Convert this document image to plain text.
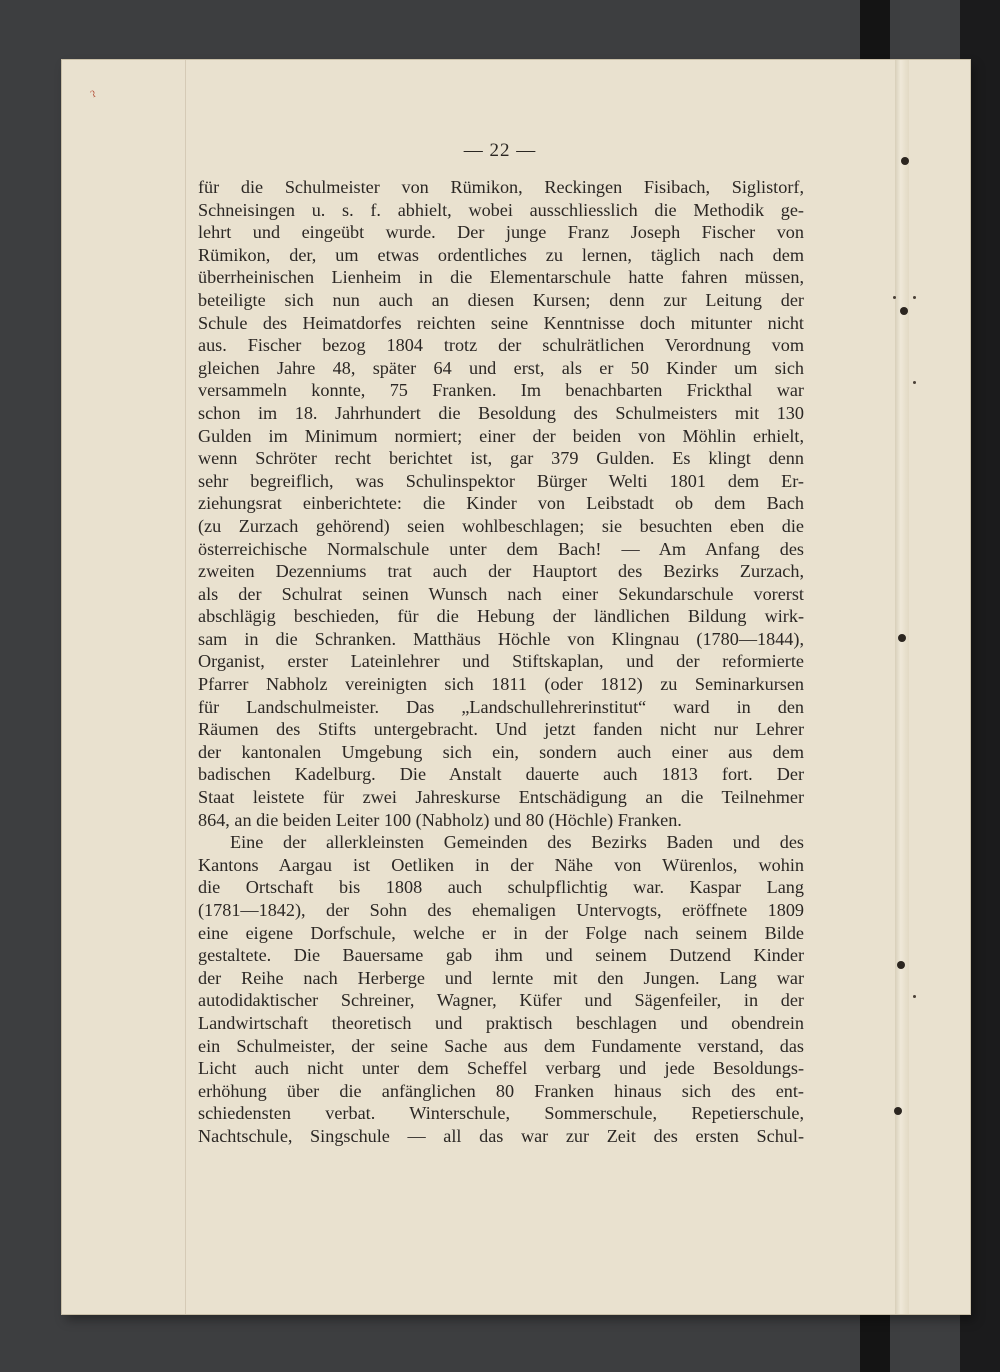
ˀ
— 22 —
für die Schulmeister von Rümikon, Reckingen Fisibach, Siglistorf,
Schneisingen u. s. f. abhielt, wobei ausschliesslich die Methodik ge-
lehrt und eingeübt wurde. Der junge Franz Joseph Fischer von
Rümikon, der, um etwas ordentliches zu lernen, täglich nach dem
überrheinischen Lienheim in die Elementarschule hatte fahren müssen,
beteiligte sich nun auch an diesen Kursen; denn zur Leitung der
Schule des Heimatdorfes reichten seine Kenntnisse doch mitunter nicht
aus. Fischer bezog 1804 trotz der schulrätlichen Verordnung vom
gleichen Jahre 48, später 64 und erst, als er 50 Kinder um sich
versammeln konnte, 75 Franken. Im benachbarten Frickthal war
schon im 18. Jahrhundert die Besoldung des Schulmeisters mit 130
Gulden im Minimum normiert; einer der beiden von Möhlin erhielt,
wenn Schröter recht berichtet ist, gar 379 Gulden. Es klingt denn
sehr begreiflich, was Schulinspektor Bürger Welti 1801 dem Er-
ziehungsrat einberichtete: die Kinder von Leibstadt ob dem Bach
(zu Zurzach gehörend) seien wohlbeschlagen; sie besuchten eben die
österreichische Normalschule unter dem Bach! — Am Anfang des
zweiten Dezenniums trat auch der Hauptort des Bezirks Zurzach,
als der Schulrat seinen Wunsch nach einer Sekundarschule vorerst
abschlägig beschieden, für die Hebung der ländlichen Bildung wirk-
sam in die Schranken. Matthäus Höchle von Klingnau (1780—1844),
Organist, erster Lateinlehrer und Stiftskaplan, und der reformierte
Pfarrer Nabholz vereinigten sich 1811 (oder 1812) zu Seminarkursen
für Landschulmeister. Das „Landschullehrerinstitut“ ward in den
Räumen des Stifts untergebracht. Und jetzt fanden nicht nur Lehrer
der kantonalen Umgebung sich ein, sondern auch einer aus dem
badischen Kadelburg. Die Anstalt dauerte auch 1813 fort. Der
Staat leistete für zwei Jahreskurse Entschädigung an die Teilnehmer
864, an die beiden Leiter 100 (Nabholz) und 80 (Höchle) Franken.
Eine der allerkleinsten Gemeinden des Bezirks Baden und des
Kantons Aargau ist Oetliken in der Nähe von Würenlos, wohin
die Ortschaft bis 1808 auch schulpflichtig war. Kaspar Lang
(1781—1842), der Sohn des ehemaligen Untervogts, eröffnete 1809
eine eigene Dorfschule, welche er in der Folge nach seinem Bilde
gestaltete. Die Bauersame gab ihm und seinem Dutzend Kinder
der Reihe nach Herberge und lernte mit den Jungen. Lang war
autodidaktischer Schreiner, Wagner, Küfer und Sägenfeiler, in der
Landwirtschaft theoretisch und praktisch beschlagen und obendrein
ein Schulmeister, der seine Sache aus dem Fundamente verstand, das
Licht auch nicht unter dem Scheffel verbarg und jede Besoldungs-
erhöhung über die anfänglichen 80 Franken hinaus sich des ent-
schiedensten verbat. Winterschule, Sommerschule, Repetierschule,
Nachtschule, Singschule — all das war zur Zeit des ersten Schul-
